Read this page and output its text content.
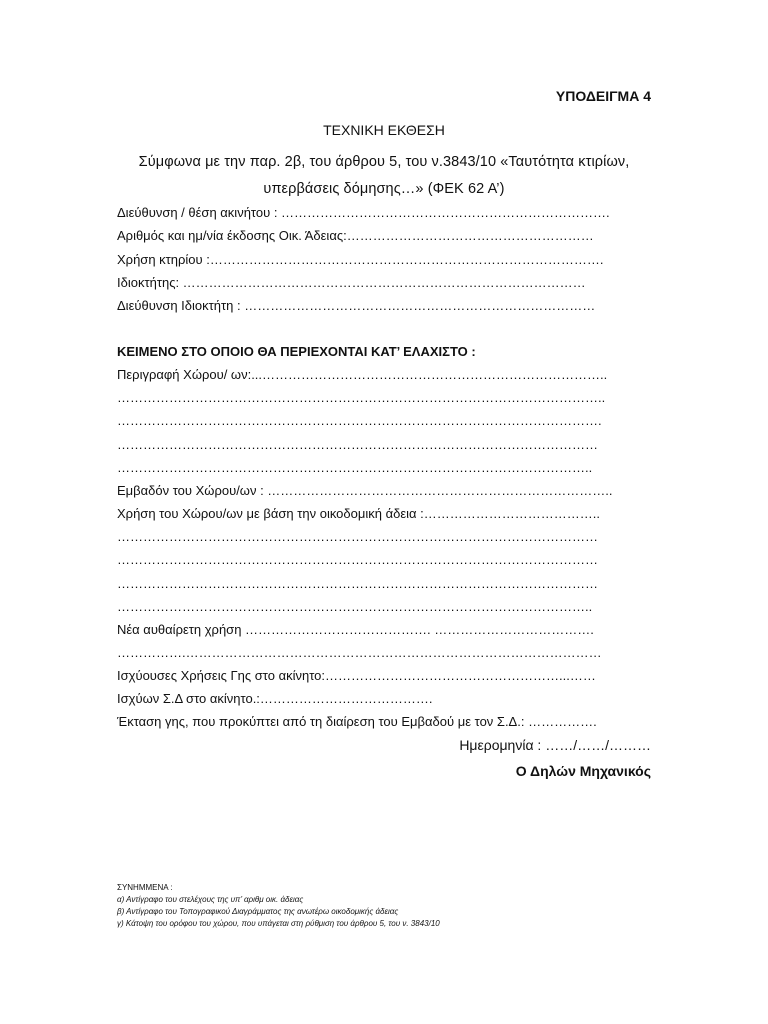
ΥΠΟΔΕΙΓΜΑ 4
ΤΕΧΝΙΚΗ ΕΚΘΕΣΗ
Σύμφωνα με την παρ. 2β, του άρθρου 5, του ν.3843/10 «Ταυτότητα κτιρίων,
υπερβάσεις δόμησης…» (ΦΕΚ 62 Α’)
Διεύθυνση / θέση ακινήτου : ………………………………………………………………….
Αριθμός και ημ/νία έκδοσης Οικ. Άδειας:…………………………………………………
Χρήση κτηρίου :……………………………………………………………………………….
Ιδιοκτήτης: …………………………………………………………………………………
Διεύθυνση Ιδιοκτήτη : ………………………………………………………………………
ΚΕΙΜΕΝΟ ΣΤΟ ΟΠΟΙΟ ΘΑ ΠΕΡΙΕΧΟΝΤΑΙ ΚΑΤ’ ΕΛΑΧΙΣΤΟ :
Περιγραφή Χώρου/ ων:...……………………………………………………………………..
…………………………………………………………………………………………………..
………………………………………………………………………………………………….
…………………………………………………………………………………………………
………………………………………………………………………………………………..
Εμβαδόν του Χώρου/ων : ……………………………………………………………………..
Χρήση του Χώρου/ων με βάση την οικοδομική άδεια :…………………………………..
…………………………………………………………………………………………………
…………………………………………………………………………………………………
…………………………………………………………………………………………………
………………………………………………………………………………………………..
Νέα αυθαίρετη χρήση ……………………………………. ……………………………….
…………….……………………………………………………………………………………
Ισχύουσες Χρήσεις Γης στο ακίνητο:………………………………………………...……
Ισχύων Σ.Δ στο ακίνητο.:………………………………….
Έκταση γης, που προκύπτει από τη διαίρεση του Εμβαδού με τον Σ.Δ.: …………….
Ημερομηνία : ……/……/………
Ο Δηλών Μηχανικός
ΣΥΝΗΜΜΕΝΑ :
α) Αντίγραφο του στελέχους της υπ’ αριθμ οικ. άδειας
β) Αντίγραφο του Τοπογραφικού Διαγράμματος της ανωτέρω οικοδομικής άδειας
γ) Κάτοψη του ορόφου του χώρου, που υπάγεται στη ρύθμιση του άρθρου 5, του ν. 3843/10
